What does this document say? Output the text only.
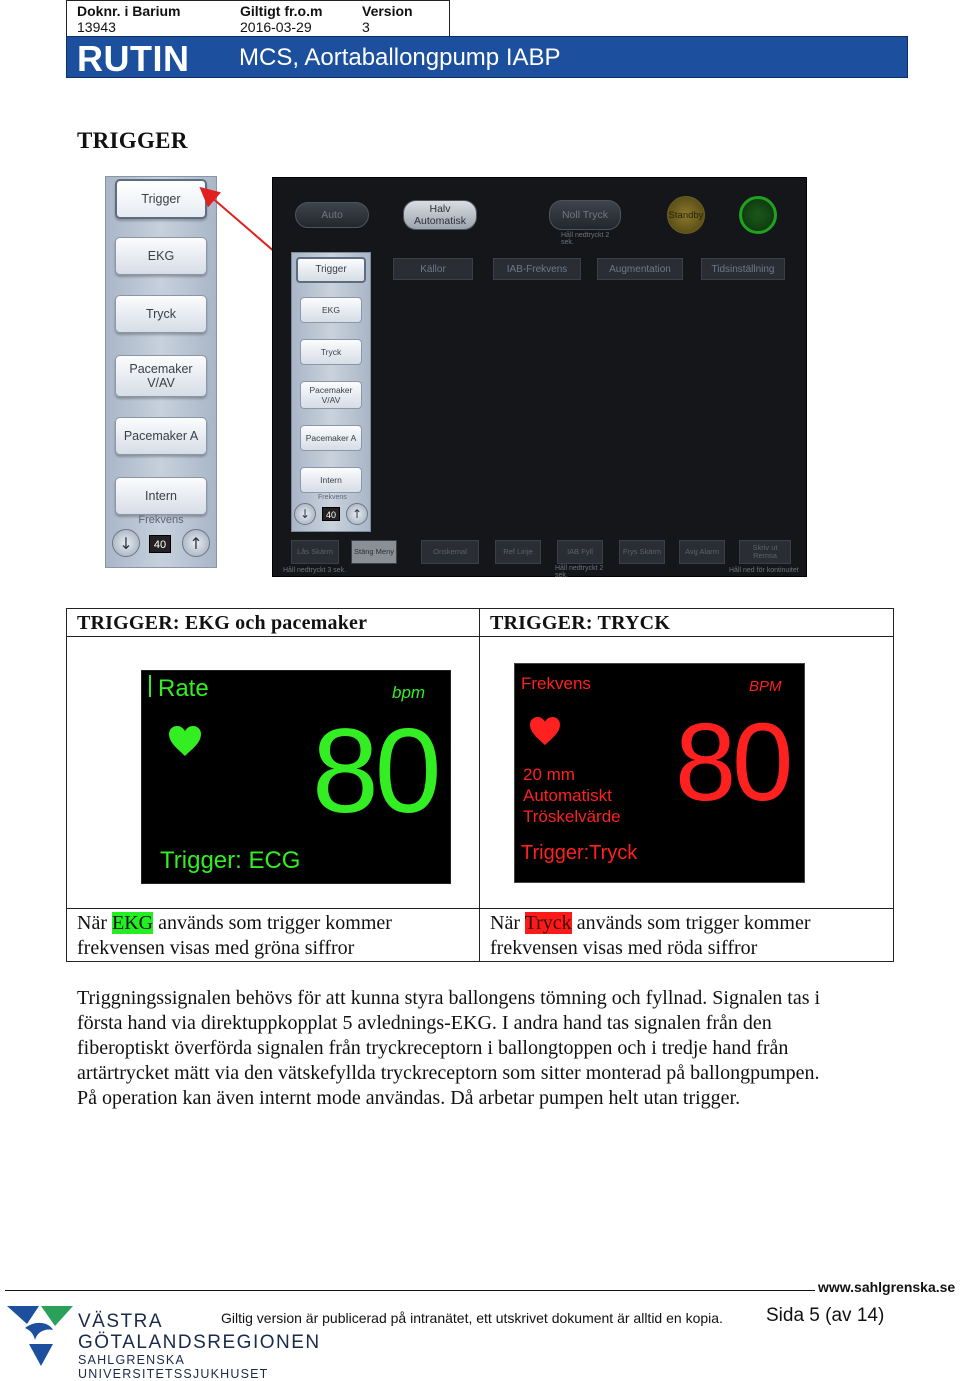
Doknr. i Barium
13943
Giltigt fr.o.m
2016-03-29
Version
3
RUTIN MCS, Aortaballongpump IABP
TRIGGER
Trigger
EKG
Tryck
Pacemaker V/AV
Pacemaker A
Intern
Frekvens
↓	40	↑
Auto	Halv Automatisk	Noll Tryck
Håll nedtryckt 2 sek.
Standby	Starta
Källor	IAB-Frekvens	Augmentation	Tidsinställning
Trigger
EKG
Tryck
Pacemaker V/AV
Pacemaker A
Intern
Frekvens
↓	40	↑
Lås Skärm	Stäng Meny	Onskemal	Ref Linje	IAB Fyll	Frys Skärm	Avg Alarm	Skriv ut Remsa
Håll nedtryckt 3 sek.	Håll nedtryckt 2 sek.
Håll ned för kontinuitet
TRIGGER: EKG och pacemaker	TRIGGER: TRYCK
Rate	bpm
80
Trigger: ECG
Frekvens	BPM
20 mm
Automatiskt
Tröskelvärde 80
Trigger:Tryck
När EKG används som trigger kommer
frekvensen visas med gröna siffror
När Tryck används som trigger kommer
frekvensen visas med röda siffror
Triggningssignalen behövs för att kunna styra ballongens tömning och fyllnad. Signalen tas i
första hand via direktuppkopplat 5 avlednings-EKG. I andra hand tas signalen från den
fiberoptiskt överförda signalen från tryckreceptorn i ballongtoppen och i tredje hand från
artärtrycket mätt via den vätskefyllda tryckreceptorn som sitter monterad på ballongpumpen.
På operation kan även internt mode användas. Då arbetar pumpen helt utan trigger.
www.sahlgrenska.se
VÄSTRA
GÖTALANDSREGIONEN
SAHLGRENSKA UNIVERSITETSSJUKHUSET
Giltig version är publicerad på intranätet, ett utskrivet dokument är alltid en kopia. Sida 5 (av 14)
